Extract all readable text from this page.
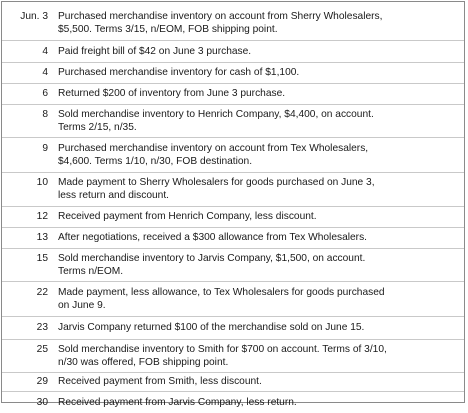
Jun. 3 Purchased merchandise inventory on account from Sherry Wholesalers,
$5,500. Terms 3/15, n/EOM, FOB shipping point.
4 Paid freight bill of $42 on June 3 purchase.
4 Purchased merchandise inventory for cash of $1,100.
6 Returned $200 of inventory from June 3 purchase.
8 Sold merchandise inventory to Henrich Company, $4,400, on account.
Terms 2/15, n/35.
9 Purchased merchandise inventory on account from Tex Wholesalers,
$4,600. Terms 1/10, n/30, FOB destination.
10 Made payment to Sherry Wholesalers for goods purchased on June 3,
less return and discount.
12 Received payment from Henrich Company, less discount.
13 After negotiations, received a $300 allowance from Tex Wholesalers.
15 Sold merchandise inventory to Jarvis Company, $1,500, on account.
Terms n/EOM.
22 Made payment, less allowance, to Tex Wholesalers for goods purchased
on June 9.
23 Jarvis Company returned $100 of the merchandise sold on June 15.
25 Sold merchandise inventory to Smith for $700 on account. Terms of 3/10,
n/30 was offered, FOB shipping point.
29 Received payment from Smith, less discount.
30 Received payment from Jarvis Company, less return.
